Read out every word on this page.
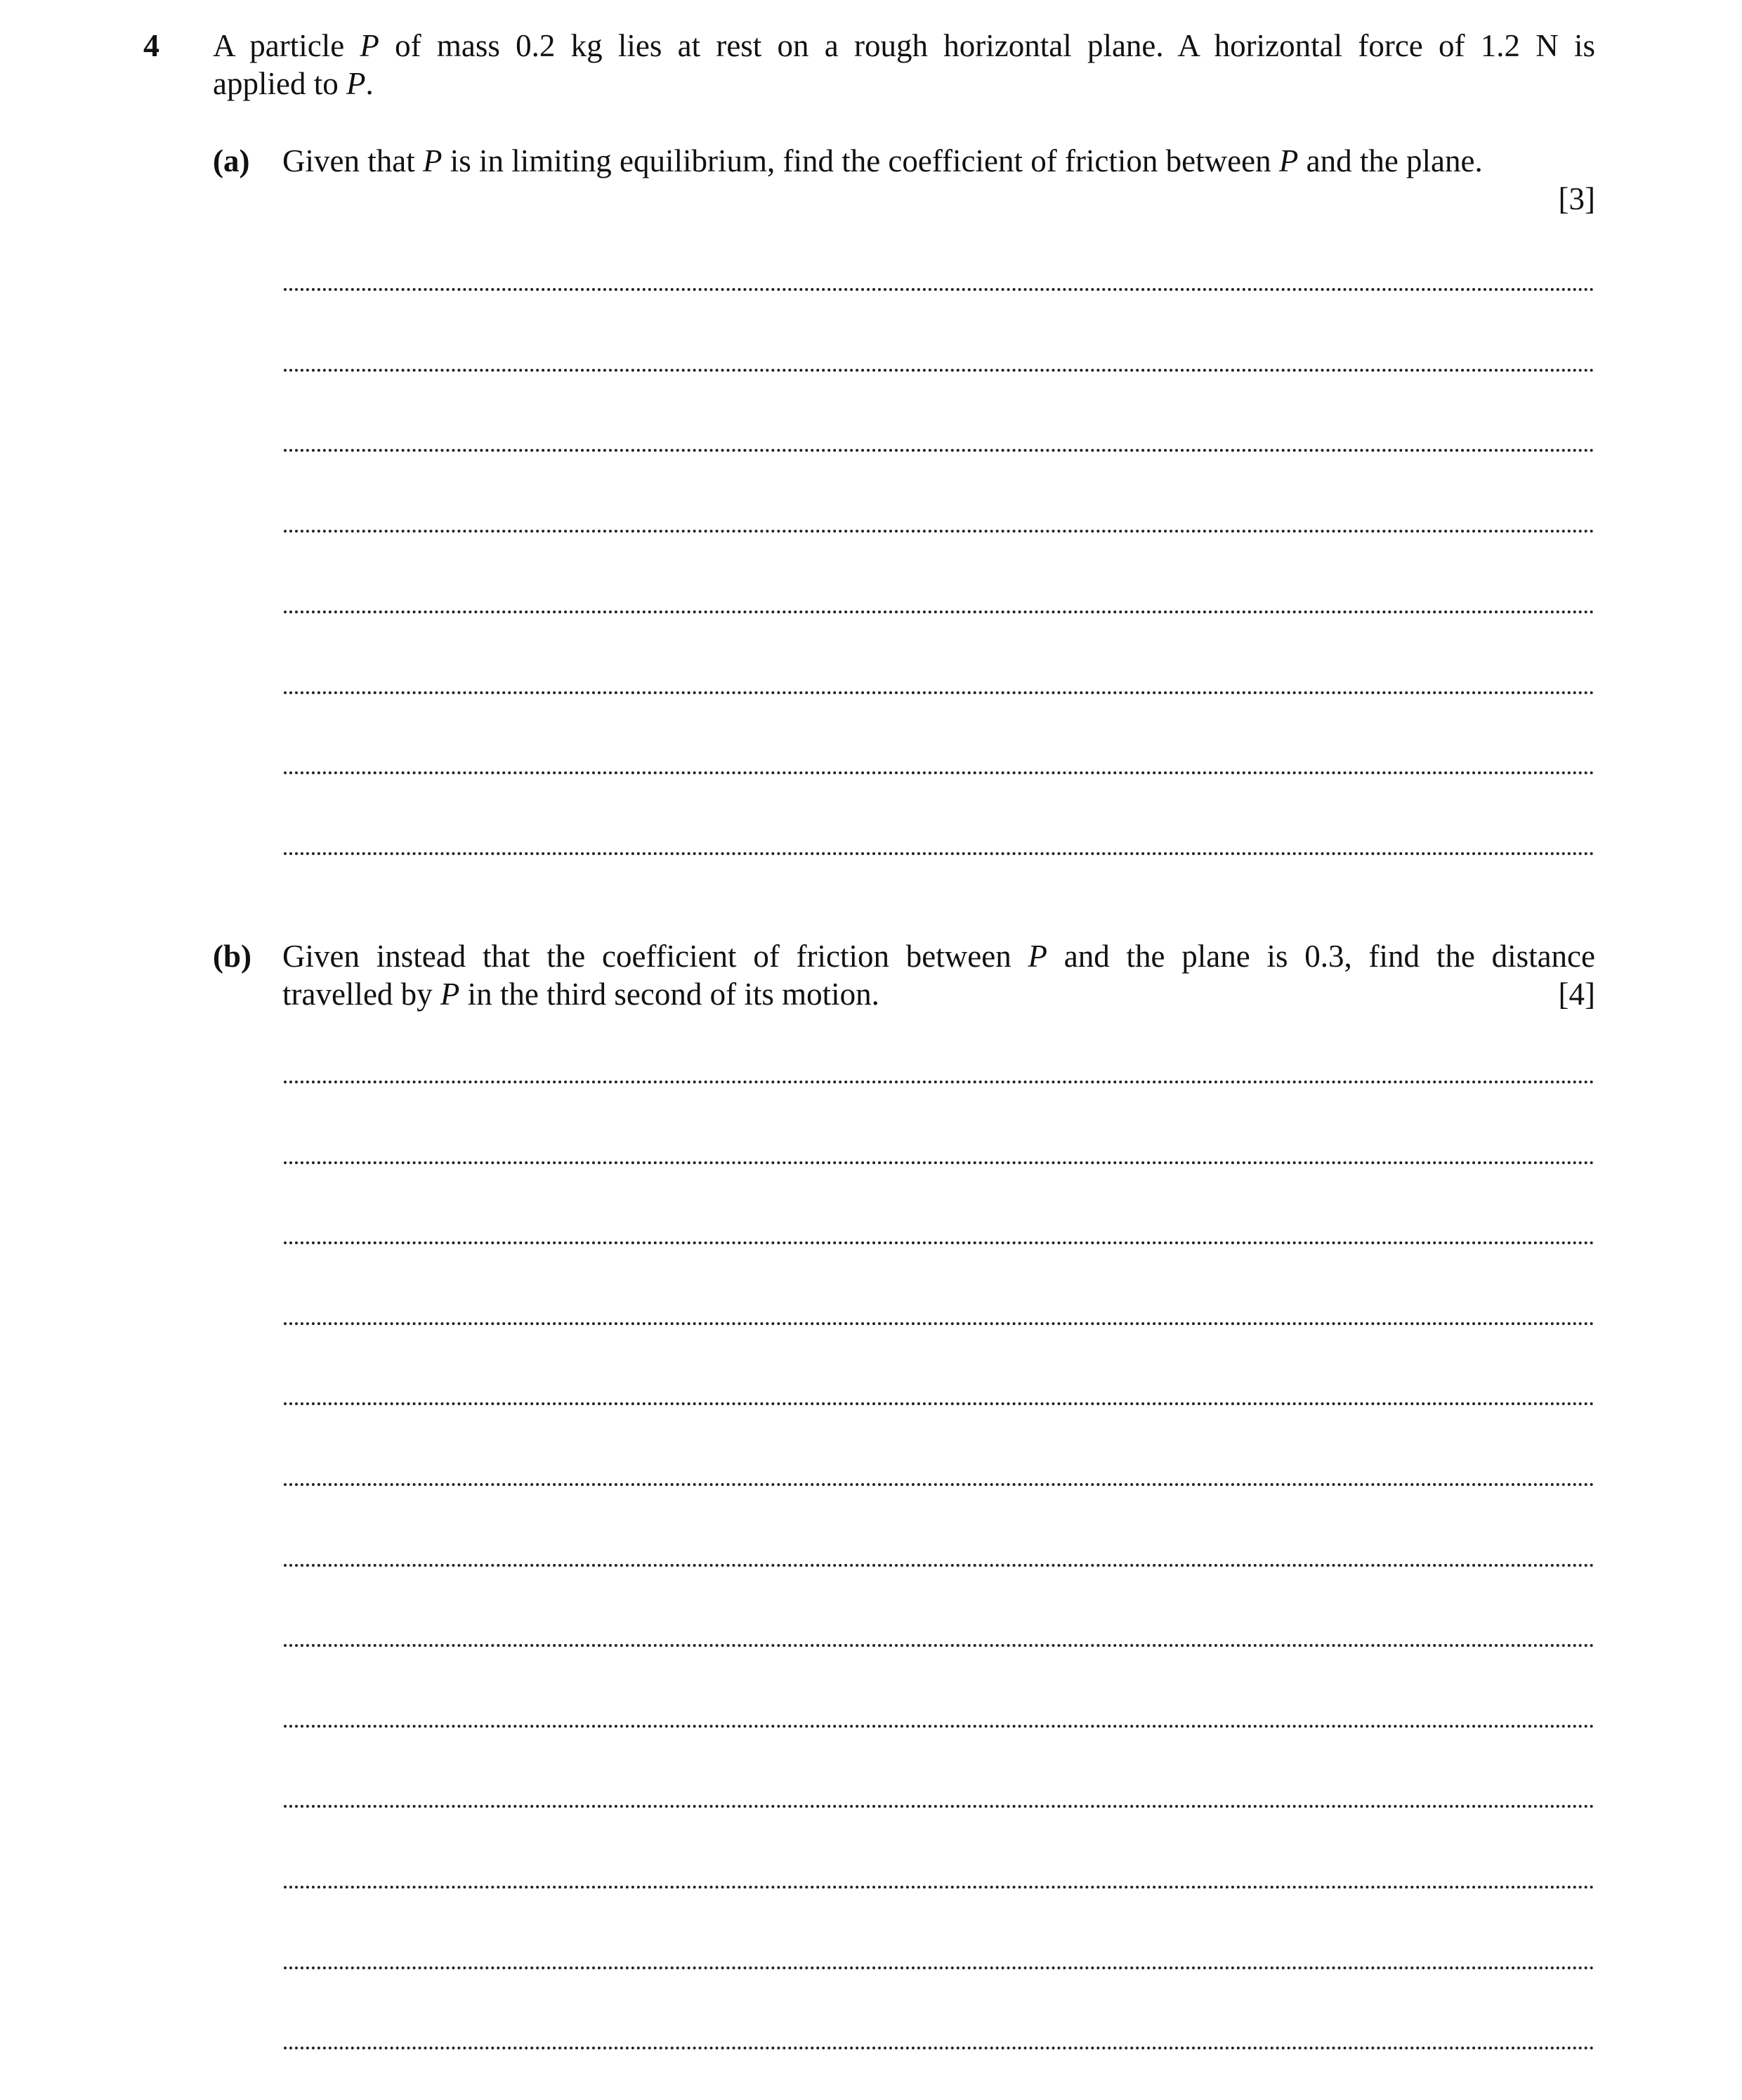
4 A particle P of mass 0.2 kg lies at rest on a rough horizontal plane. A horizontal force of 1.2 N is
applied to P.
(a) Given that P is in limiting equilibrium, find the coefficient of friction between P and the plane.
[3]
(b) Given instead that the coefficient of friction between P and the plane is 0.3, find the distance
travelled by P in the third second of its motion.	[4]
